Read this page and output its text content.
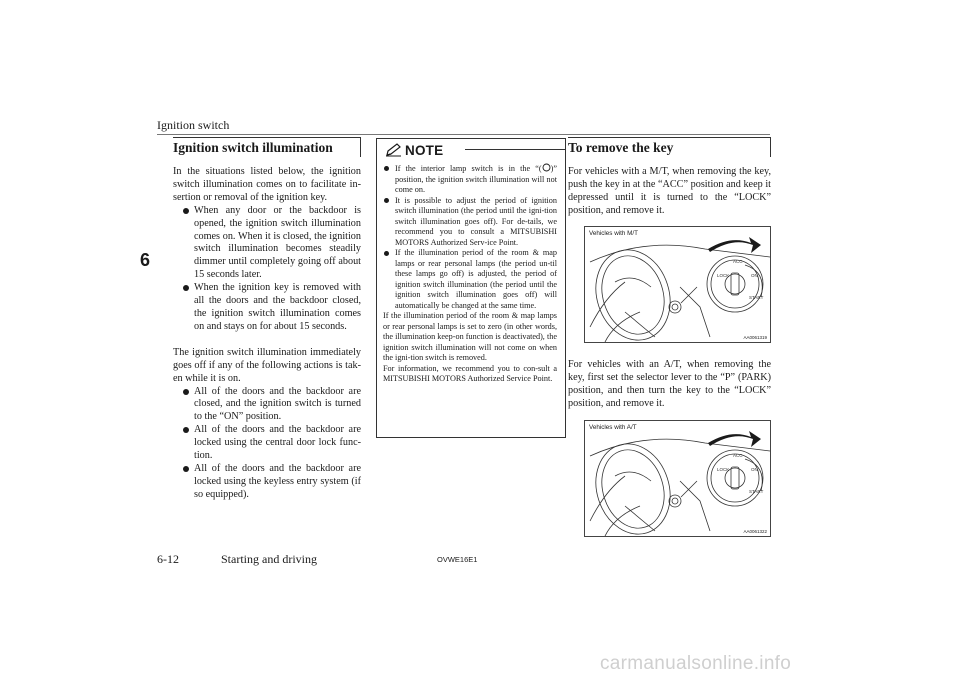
Ignition switch
6
Ignition switch illumination

In the situations listed below, the ignition switch illumination comes on to facilitate in-sertion or removal of the ignition key.

When any door or the backdoor is opened, the ignition switch illumination comes on. When it is closed, the ignition switch illumination becomes steadily dimmer until completely going off about 15 seconds later.
When the ignition key is removed with all the doors and the backdoor closed, the ignition switch illumination comes on and stays on for about 15 seconds.

The ignition switch illumination immediately goes off if any of the following actions is tak-en while it is on.

All of the doors and the backdoor are closed, and the ignition switch is turned to the “ON” position.
All of the doors and the backdoor are locked using the central door lock func-tion.
All of the doors and the backdoor are locked using the keyless entry system (if so equipped).
NOTE
If the interior lamp switch is in the “( )” position, the ignition switch illumination will not come on.
It is possible to adjust the period of ignition switch illumination (the period until the igni-tion switch illumination goes off). For de-tails, we recommend you to consult a MITSUBISHI MOTORS Authorized Serv-ice Point.
If the illumination period of the room & map lamps or rear personal lamps (the period un-til these lamps go off) is adjusted, the period of ignition switch illumination (the period until the ignition switch illumination goes off) will automatically be changed at the same time.

If the illumination period of the room & map lamps or rear personal lamps is set to zero (in other words, the illumination keep-on function is deactivated), the ignition switch illumination will not come on when the igni-tion switch is removed.

For information, we recommend you to con-sult a MITSUBISHI MOTORS Authorized Service Point.

To remove the key

For vehicles with a M/T, when removing the key, push the key in at the “ACC” position and keep it depressed until it is turned to the “LOCK” position, and remove it.

LOCK
ACC
ON
START
Vehicles with M/T
AA0061319

For vehicles with an A/T, when removing the key, first set the selector lever to the “P” (PARK) position, and then turn the key to the “LOCK” position, and remove it.

LOCK
ACC
ON
START
Vehicles with A/T
AA0061322
6-12	Starting and driving	OVWE16E1
carmanualsonline.info
